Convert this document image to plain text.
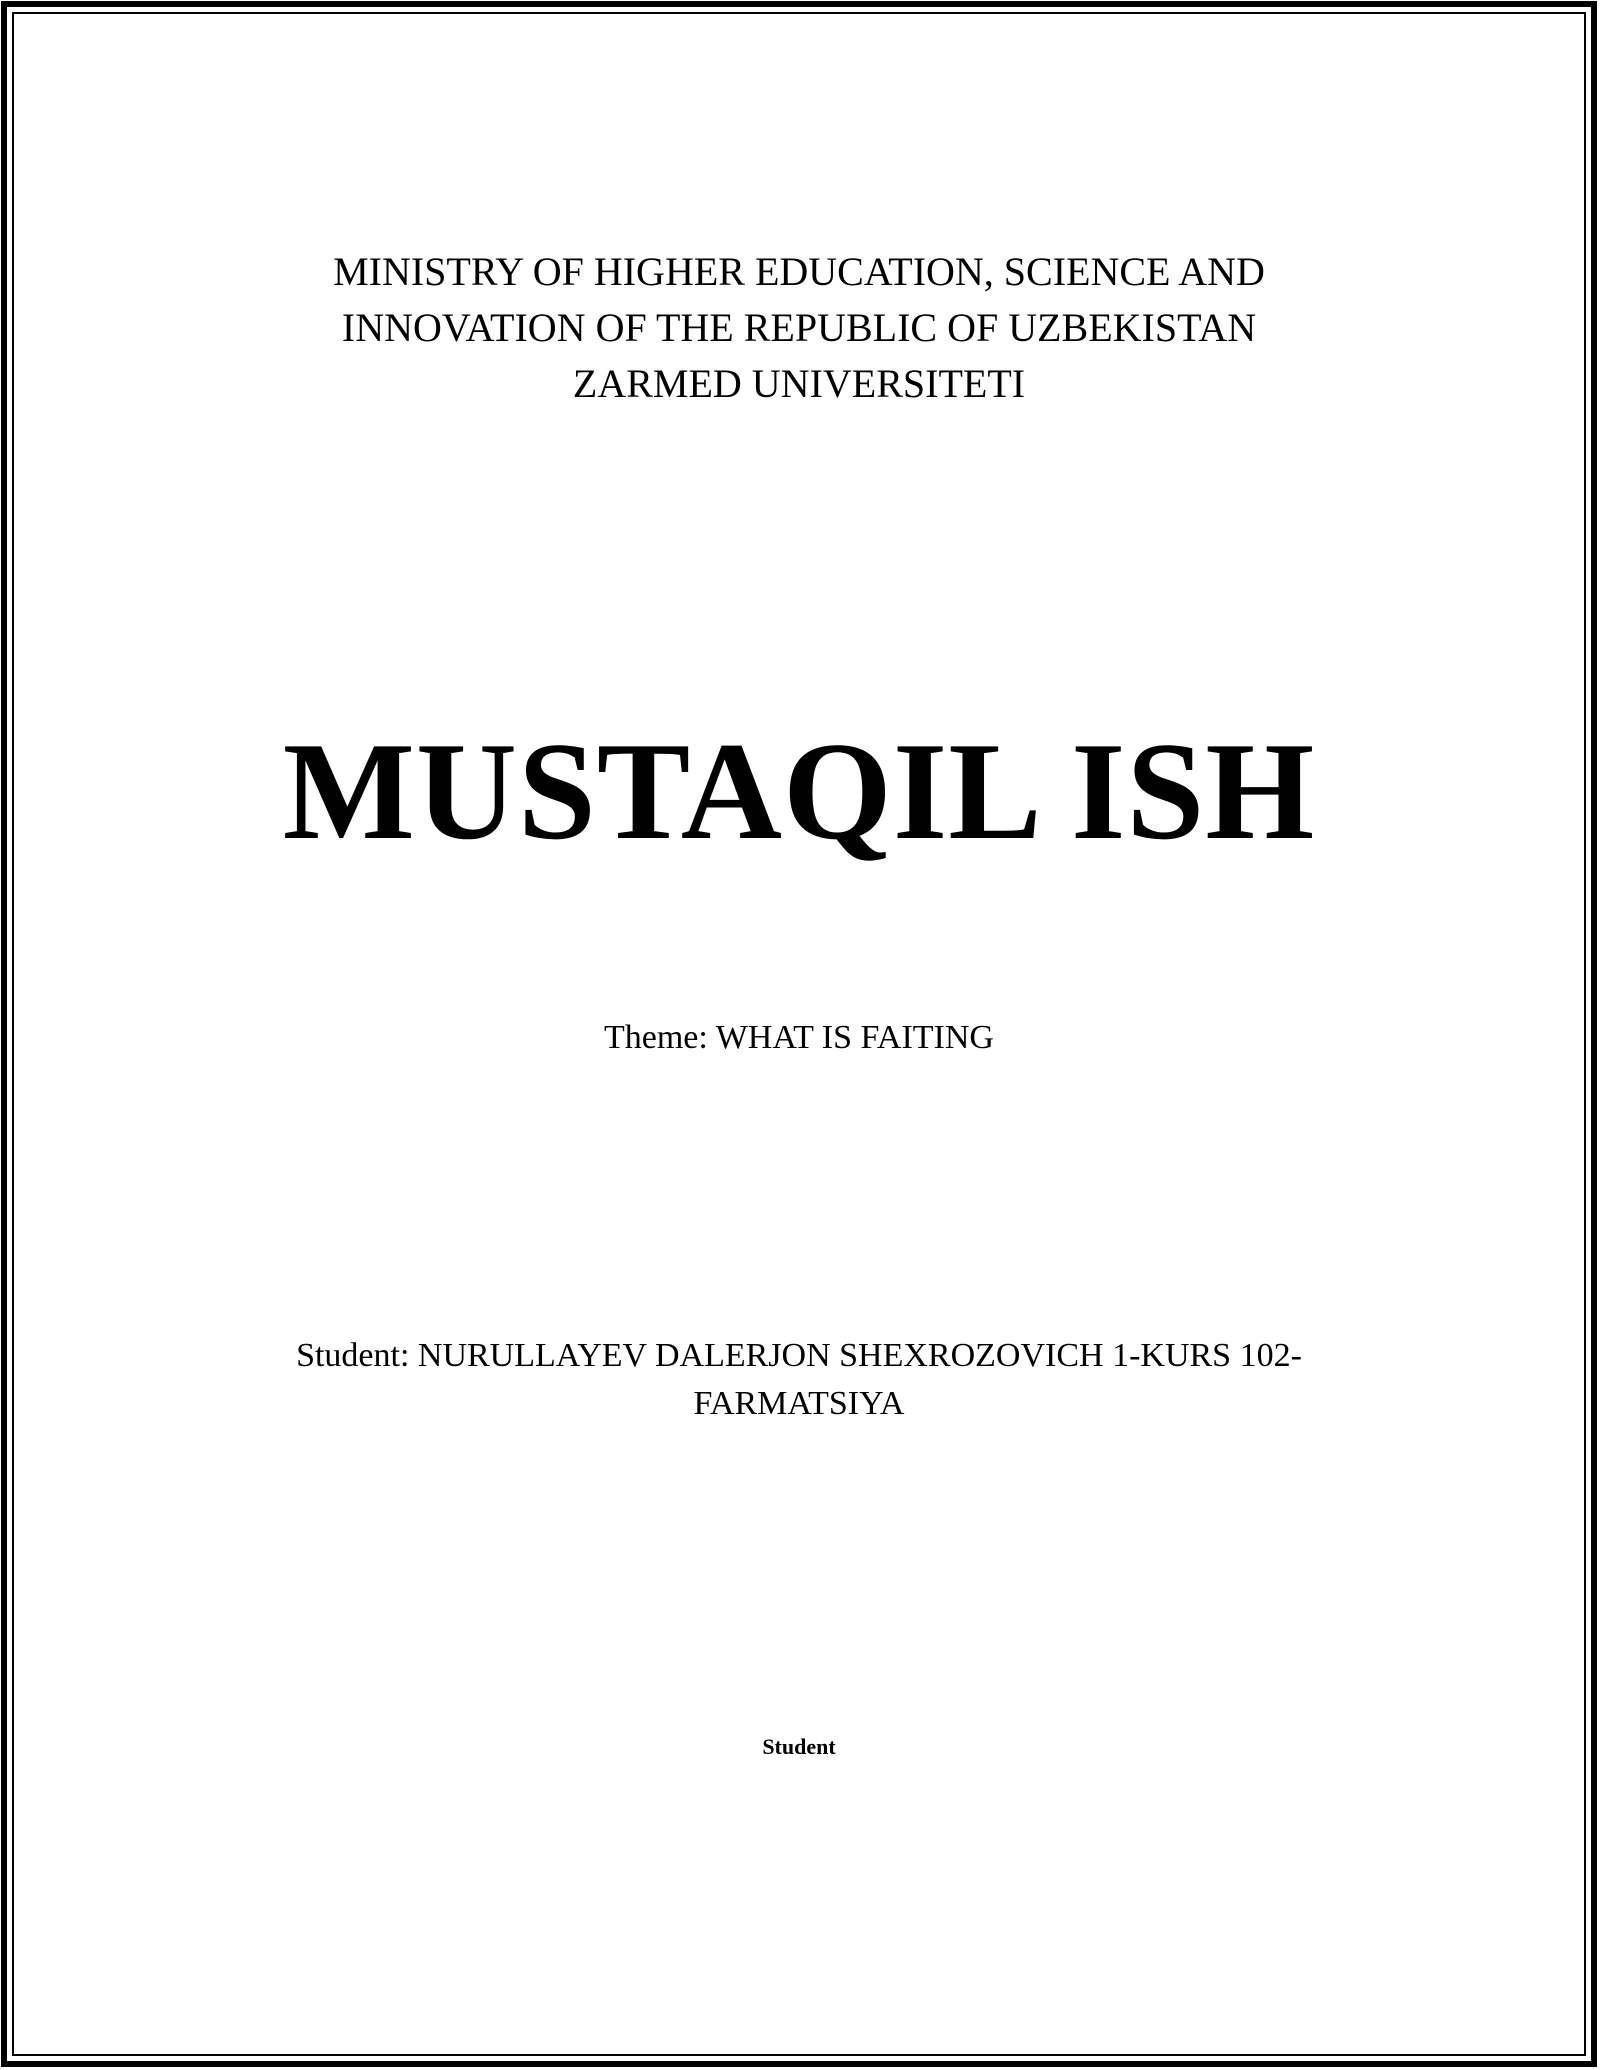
MINISTRY OF HIGHER EDUCATION, SCIENCE AND
INNOVATION OF THE REPUBLIC OF UZBEKISTAN
ZARMED UNIVERSITETI
MUSTAQIL ISH
Theme: WHAT IS FAITING
Student: NURULLAYEV DALERJON SHEXROZOVICH 1-KURS 102-
FARMATSIYA
Student
